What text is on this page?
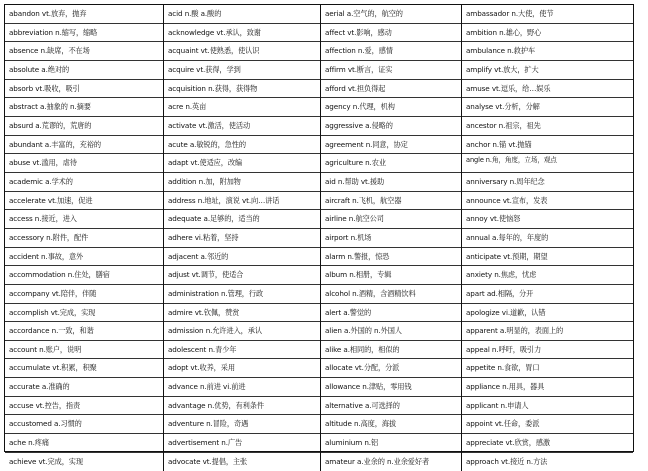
abandon vt.放弃，抛弃
abbreviation n.缩写，缩略
absence n.缺席，不在场
absolute a.绝对的
absorb vt.吸收，吸引
abstract a.抽象的 n.摘要
absurd a.荒谬的，荒唐的
abundant a.丰富的，充裕的
abuse vt.滥用，虐待
academic a.学术的
accelerate vt.加速，促进
access n.接近，进入
accessory n.附件，配件
accident n.事故，意外
accommodation n.住处，膳宿
accompany vt.陪伴，伴随
accomplish vt.完成，实现
accordance n.一致，和谐
account n.账户，说明
accumulate vt.积累，积聚
accurate a.准确的
accuse vt.控告，指责
accustomed a.习惯的
ache n.疼痛
achieve vt.完成，实现
acid n.酸 a.酸的
acknowledge vt.承认，致谢
acquaint vt.使熟悉，使认识
acquire vt.获得，学到
acquisition n.获得，获得物
acre n.英亩
activate vt.激活，使活动
acute a.敏锐的，急性的
adapt vt.使适应，改编
addition n.加，附加物
address n.地址，演说 vt.向…讲话
adequate a.足够的，适当的
adhere vi.粘着，坚持
adjacent a.邻近的
adjust vt.调节，使适合
administration n.管理，行政
admire vt.钦佩，赞赏
admission n.允许进入，承认
adolescent n.青少年
adopt vt.收养，采用
advance n.前进 vi.前进
advantage n.优势，有利条件
adventure n.冒险，奇遇
advertisement n.广告
advocate vt.提倡，主张
aerial a.空气的，航空的
affect vt.影响，感动
affection n.爱，感情
affirm vt.断言，证实
afford vt.担负得起
agency n.代理，机构
aggressive a.侵略的
agreement n.同意，协定
agriculture n.农业
aid n.帮助 vt.援助
aircraft n.飞机，航空器
airline n.航空公司
airport n.机场
alarm n.警报，惊恐
album n.相册，专辑
alcohol n.酒精，含酒精饮料
alert a.警觉的
alien a.外国的 n.外国人
alike a.相同的，相似的
allocate vt.分配，分派
allowance n.津贴，零用钱
alternative a.可选择的
altitude n.高度，海拔
aluminium n.铝
amateur a.业余的 n.业余爱好者
ambassador n.大使，使节
ambition n.雄心，野心
ambulance n.救护车
amplify vt.放大，扩大
amuse vt.逗乐，给…娱乐
analyse vt.分析，分解
ancestor n.祖宗，祖先
anchor n.锚 vt.抛锚
angle n.角，角度，立场，观点
anniversary n.周年纪念
announce vt.宣布，发表
annoy vt.使恼怒
annual a.每年的，年度的
anticipate vt.预期，期望
anxiety n.焦虑，忧虑
apart ad.相隔，分开
apologize vi.道歉，认错
apparent a.明显的，表面上的
appeal n.呼吁，吸引力
appetite n.食欲，胃口
appliance n.用具，器具
applicant n.申请人
appoint vt.任命，委派
appreciate vt.欣赏，感激
approach vt.接近 n.方法
